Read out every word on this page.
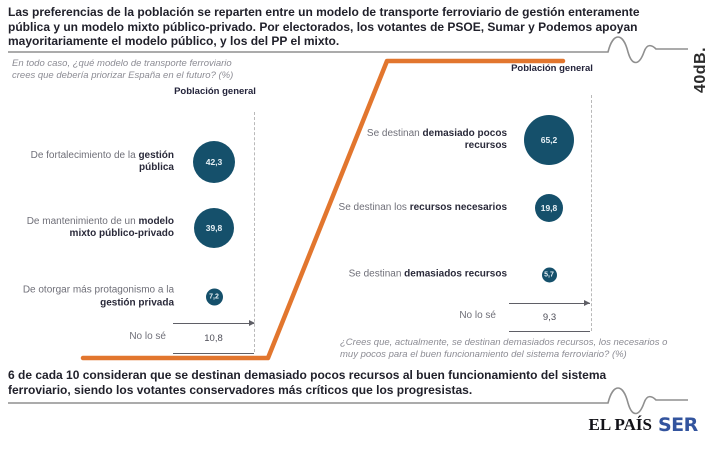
Las preferencias de la población se reparten entre un modelo de transporte ferroviario de gestión enteramente pública y un modelo mixto público-privado. Por electorados, los votantes de PSOE, Sumar y Podemos apoyan mayoritariamente el modelo público, y los del PP el mixto.
40dB.
En todo caso, ¿qué modelo de transporte ferroviario crees que debería priorizar España en el futuro? (%)
Población general
De fortalecimiento de la gestión pública	42,3
De mantenimiento de un modelo mixto público-privado	39,8
De otorgar más protagonismo a la gestión privada	7,2
No lo sé	10,8
Población general
Se destinan demasiado pocos recursos	65,2
Se destinan los recursos necesarios	19,8
Se destinan demasiados recursos	5,7
No lo sé	9,3
¿Crees que, actualmente, se destinan demasiados recursos, los necesarios o muy pocos para el buen funcionamiento del sistema ferroviario? (%)
6 de cada 10 consideran que se destinan demasiado pocos recursos al buen funcionamiento del sistema ferroviario, siendo los votantes conservadores más críticos que los progresistas.
EL PAÍS SER
